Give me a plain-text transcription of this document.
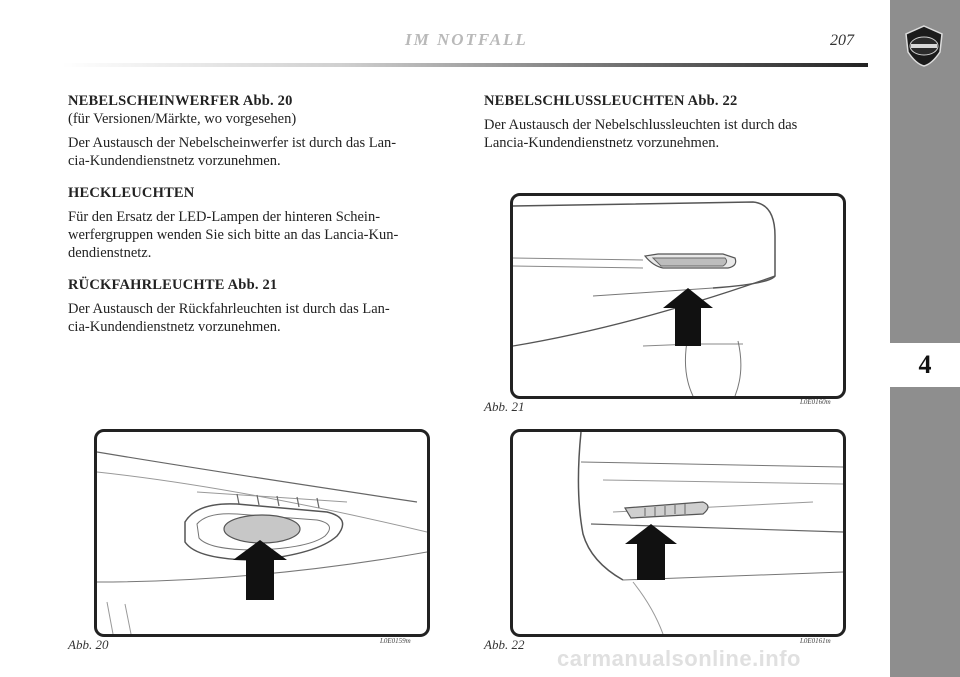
IM NOTFALL	207
4
NEBELSCHEINWERFER Abb. 20

(für Versionen/Märkte, wo vorgesehen)

Der Austausch der Nebelscheinwerfer ist durch das Lan-

cia-Kundendienstnetz vorzunehmen.

HECKLEUCHTEN

Für den Ersatz der LED-Lampen der hinteren Schein-

werfergruppen wenden Sie sich bitte an das Lancia-Kun-

dendienstnetz.

RÜCKFAHRLEUCHTE Abb. 21

Der Austausch der Rückfahrleuchten ist durch das Lan-

cia-Kundendienstnetz vorzunehmen.

NEBELSCHLUSSLEUCHTEN Abb. 22

Der Austausch der Nebelschlussleuchten ist durch das

Lancia-Kundendienstnetz vorzunehmen.

Abb. 21	L0E0160m
Abb. 20	L0E0159m	Abb. 22	L0E0161m
carmanualsonline.info
